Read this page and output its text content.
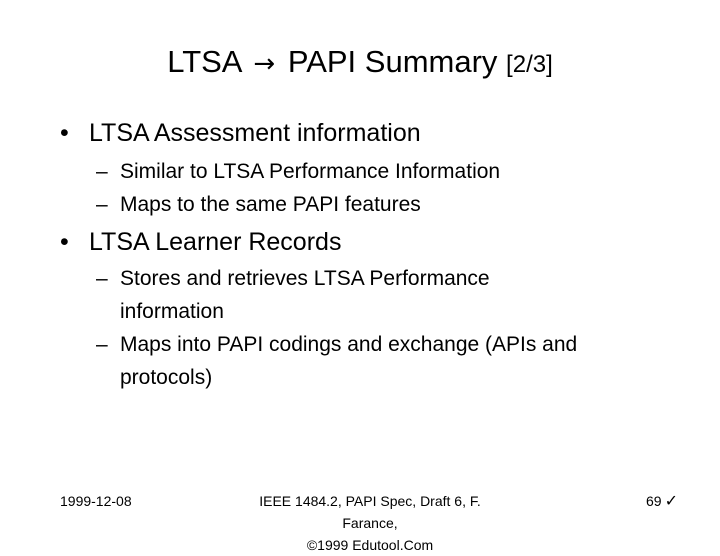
LTSA → PAPI Summary [2/3]
• LTSA Assessment information
– Similar to LTSA Performance Information
– Maps to the same PAPI features
• LTSA Learner Records
– Stores and retrieves LTSA Performance information
– Maps into PAPI codings and exchange (APIs and protocols)
1999-12-08	IEEE 1484.2, PAPI Spec, Draft 6, F. Farance,
©1999 Edutool.Com
69 ✓
